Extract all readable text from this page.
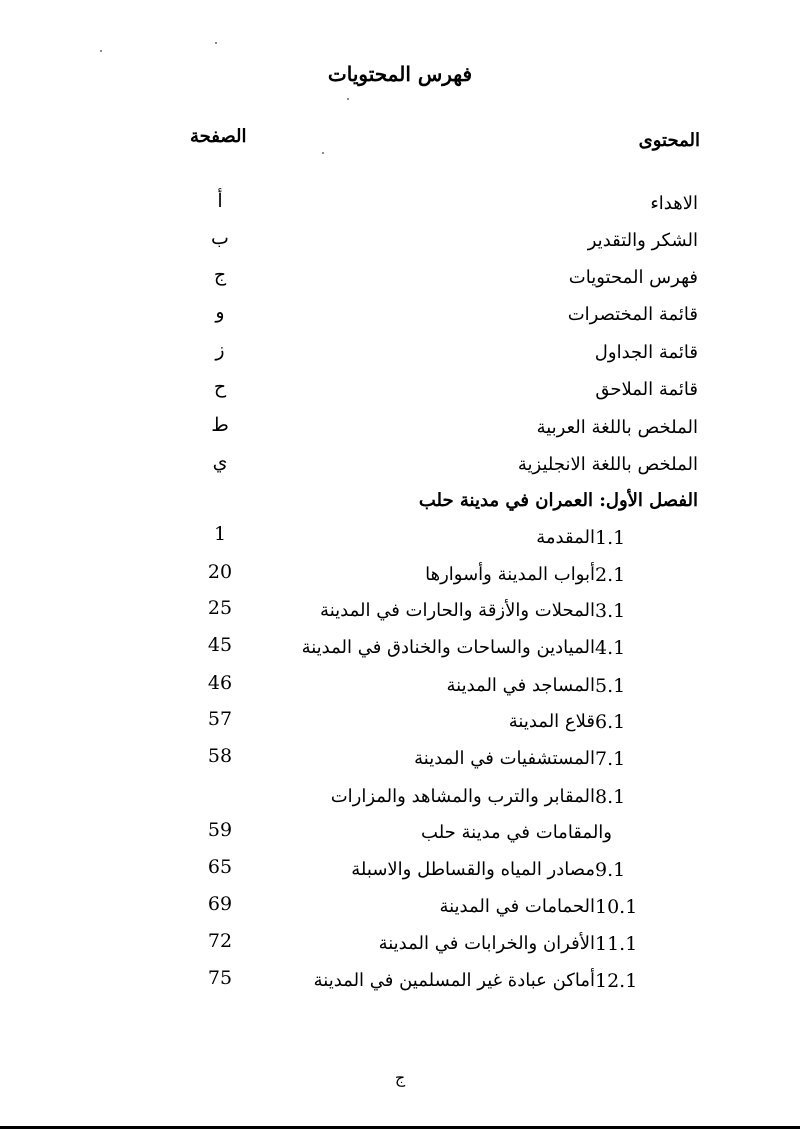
فهرس المحتويات
المحتوى
الصفحة
الاهداء
أ
الشكر والتقدير
ب
فهرس المحتويات
ج
قائمة المختصرات
و
قائمة الجداول
ز
قائمة الملاحق
ح
الملخص باللغة العربية
ط
الملخص باللغة الانجليزية
ي
الفصل الأول: العمران في مدينة حلب
1.1
المقدمة
1
2.1
أبواب المدينة وأسوارها
20
3.1
المحلات والأزقة والحارات في المدينة
25
4.1
الميادين والساحات والخنادق في المدينة
45
5.1
المساجد في المدينة
46
6.1
قلاع المدينة
57
7.1
المستشفيات في المدينة
58
8.1
المقابر والترب والمشاهد والمزارات
والمقامات في مدينة حلب
59
9.1
مصادر المياه والقساطل والاسبلة
65
10.1
الحمامات في المدينة
69
11.1
الأفران والخرابات في المدينة
72
12.1
أماكن عبادة غير المسلمين في المدينة
75
ج
